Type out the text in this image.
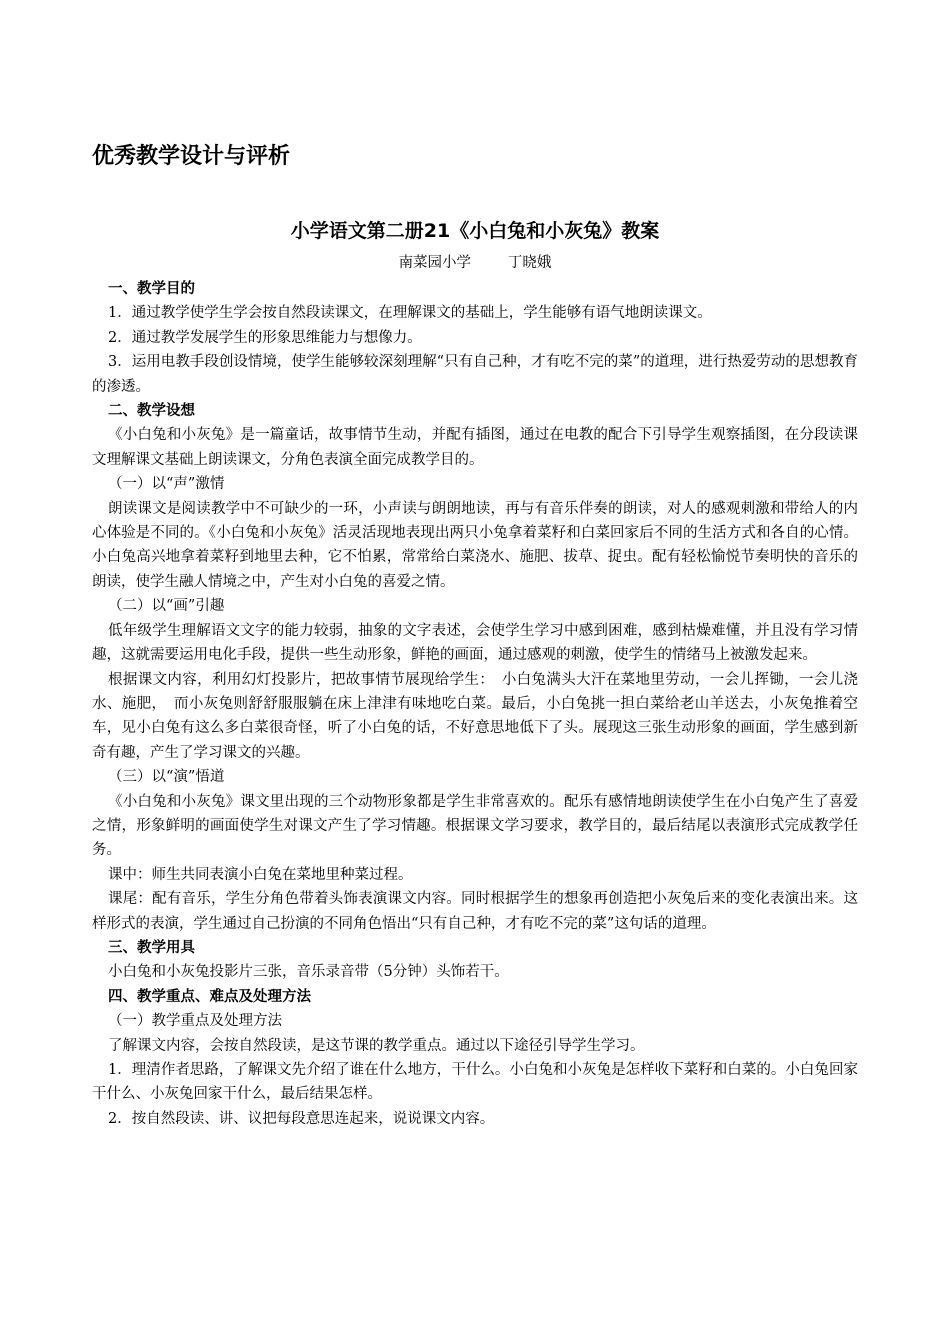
优秀教学设计与评析
小学语文第二册21《小白兔和小灰兔》教案
南菜园小学        丁晓娥

一、教学目的

1．通过教学使学生学会按自然段读课文，在理解课文的基础上，学生能够有语气地朗读课文。

2．通过教学发展学生的形象思维能力与想像力。

3．运用电教手段创设情境，使学生能够较深刻理解“只有自己种，才有吃不完的菜”的道理，进行热爱劳动的思想教育的渗透。

二、教学设想

《小白兔和小灰兔》是一篇童话，故事情节生动，并配有插图，通过在电教的配合下引导学生观察插图，在分段读课文理解课文基础上朗读课文，分角色表演全面完成教学目的。

（一）以“声”激情

朗读课文是阅读教学中不可缺少的一环，小声读与朗朗地读，再与有音乐伴奏的朗读，对人的感观刺激和带给人的内心体验是不同的。《小白兔和小灰兔》活灵活现地表现出两只小兔拿着菜籽和白菜回家后不同的生活方式和各自的心情。小白兔高兴地拿着菜籽到地里去种，它不怕累，常常给白菜浇水、施肥、拔草、捉虫。配有轻松愉悦节奏明快的音乐的朗读，使学生融人情境之中，产生对小白兔的喜爱之情。

（二）以“画”引趣

低年级学生理解语文文字的能力较弱，抽象的文字表述，会使学生学习中感到困难，感到枯燥难懂，并且没有学习情趣，这就需要运用电化手段，提供一些生动形象，鲜艳的画面，通过感观的刺激，使学生的情绪马上被激发起来。

根据课文内容，利用幻灯投影片，把故事情节展现给学生：　小白兔满头大汗在菜地里劳动，一会儿挥锄，一会儿浇水、施肥，　而小灰兔则舒舒服服躺在床上津津有味地吃白菜。最后，小白兔挑一担白菜给老山羊送去，小灰兔推着空车，见小白兔有这么多白菜很奇怪，听了小白兔的话，不好意思地低下了头。展现这三张生动形象的画面，学生感到新奇有趣，产生了学习课文的兴趣。

（三）以“演”悟道

《小白兔和小灰兔》课文里出现的三个动物形象都是学生非常喜欢的。配乐有感情地朗读使学生在小白兔产生了喜爱之情，形象鲜明的画面使学生对课文产生了学习情趣。根据课文学习要求，教学目的，最后结尾以表演形式完成教学任务。

课中：师生共同表演小白兔在菜地里种菜过程。

课尾：配有音乐，学生分角色带着头饰表演课文内容。同时根据学生的想象再创造把小灰兔后来的变化表演出来。这样形式的表演，学生通过自己扮演的不同角色悟出“只有自己种，才有吃不完的菜”这句话的道理。

三、教学用具

小白兔和小灰兔投影片三张，音乐录音带（5分钟）头饰若干。

四、教学重点、难点及处理方法

（一）教学重点及处理方法

了解课文内容，会按自然段读，是这节课的教学重点。通过以下途径引导学生学习。

1．理清作者思路，了解课文先介绍了谁在什么地方，干什么。小白兔和小灰兔是怎样收下菜籽和白菜的。小白兔回家干什么、小灰兔回家干什么，最后结果怎样。

2．按自然段读、讲、议把每段意思连起来，说说课文内容。
